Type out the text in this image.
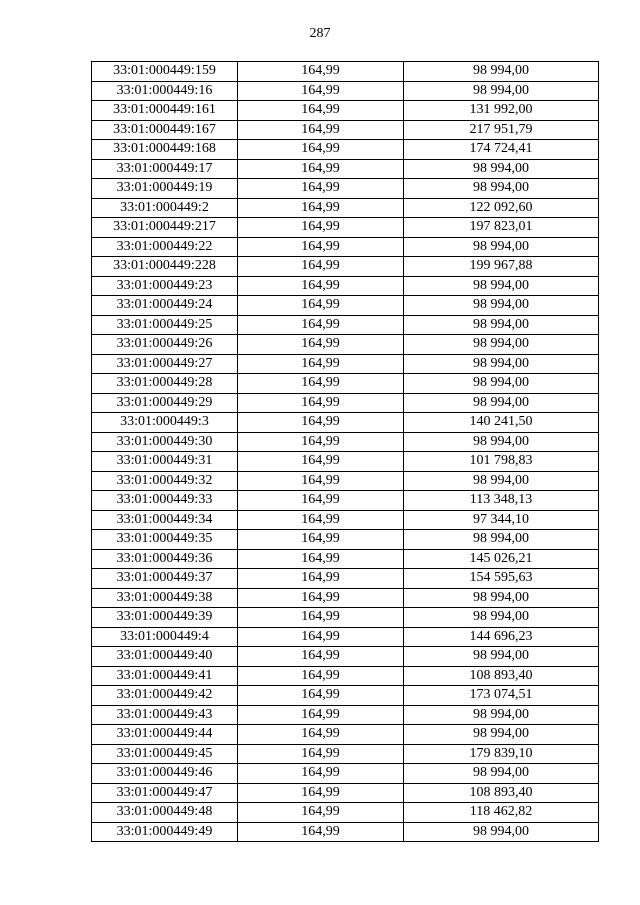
287
33:01:000449:159	164,99	98 994,00
33:01:000449:16	164,99	98 994,00
33:01:000449:161	164,99	131 992,00
33:01:000449:167	164,99	217 951,79
33:01:000449:168	164,99	174 724,41
33:01:000449:17	164,99	98 994,00
33:01:000449:19	164,99	98 994,00
33:01:000449:2	164,99	122 092,60
33:01:000449:217	164,99	197 823,01
33:01:000449:22	164,99	98 994,00
33:01:000449:228	164,99	199 967,88
33:01:000449:23	164,99	98 994,00
33:01:000449:24	164,99	98 994,00
33:01:000449:25	164,99	98 994,00
33:01:000449:26	164,99	98 994,00
33:01:000449:27	164,99	98 994,00
33:01:000449:28	164,99	98 994,00
33:01:000449:29	164,99	98 994,00
33:01:000449:3	164,99	140 241,50
33:01:000449:30	164,99	98 994,00
33:01:000449:31	164,99	101 798,83
33:01:000449:32	164,99	98 994,00
33:01:000449:33	164,99	113 348,13
33:01:000449:34	164,99	97 344,10
33:01:000449:35	164,99	98 994,00
33:01:000449:36	164,99	145 026,21
33:01:000449:37	164,99	154 595,63
33:01:000449:38	164,99	98 994,00
33:01:000449:39	164,99	98 994,00
33:01:000449:4	164,99	144 696,23
33:01:000449:40	164,99	98 994,00
33:01:000449:41	164,99	108 893,40
33:01:000449:42	164,99	173 074,51
33:01:000449:43	164,99	98 994,00
33:01:000449:44	164,99	98 994,00
33:01:000449:45	164,99	179 839,10
33:01:000449:46	164,99	98 994,00
33:01:000449:47	164,99	108 893,40
33:01:000449:48	164,99	118 462,82
33:01:000449:49	164,99	98 994,00
